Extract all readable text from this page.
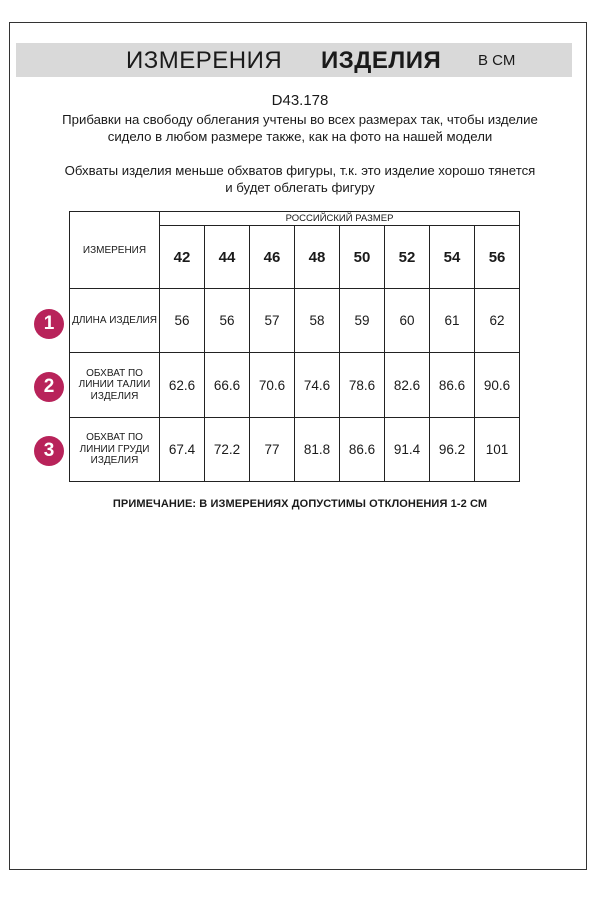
ИЗМЕРЕНИЯ ИЗДЕЛИЯ В СМ
D43.178
Прибавки на свободу облегания учтены во всех размерах так, чтобы изделие сидело в любом размере также, как на фото на нашей модели
Обхваты изделия меньше обхватов фигуры, т.к. это изделие хорошо тянется и будет облегать фигуру
ИЗМЕРЕНИЯ	РОССИЙСКИЙ РАЗМЕР							
	42	44	46	48	50	52	54	56
ДЛИНА ИЗДЕЛИЯ	56	56	57	58	59	60	61	62
ОБХВАТ ПО ЛИНИИ ТАЛИИ ИЗДЕЛИЯ	62.6	66.6	70.6	74.6	78.6	82.6	86.6	90.6
ОБХВАТ ПО ЛИНИИ ГРУДИ ИЗДЕЛИЯ	67.4	72.2	77	81.8	86.6	91.4	96.2	101
1
2
3
ПРИМЕЧАНИЕ: В ИЗМЕРЕНИЯХ ДОПУСТИМЫ ОТКЛОНЕНИЯ 1-2 СМ
